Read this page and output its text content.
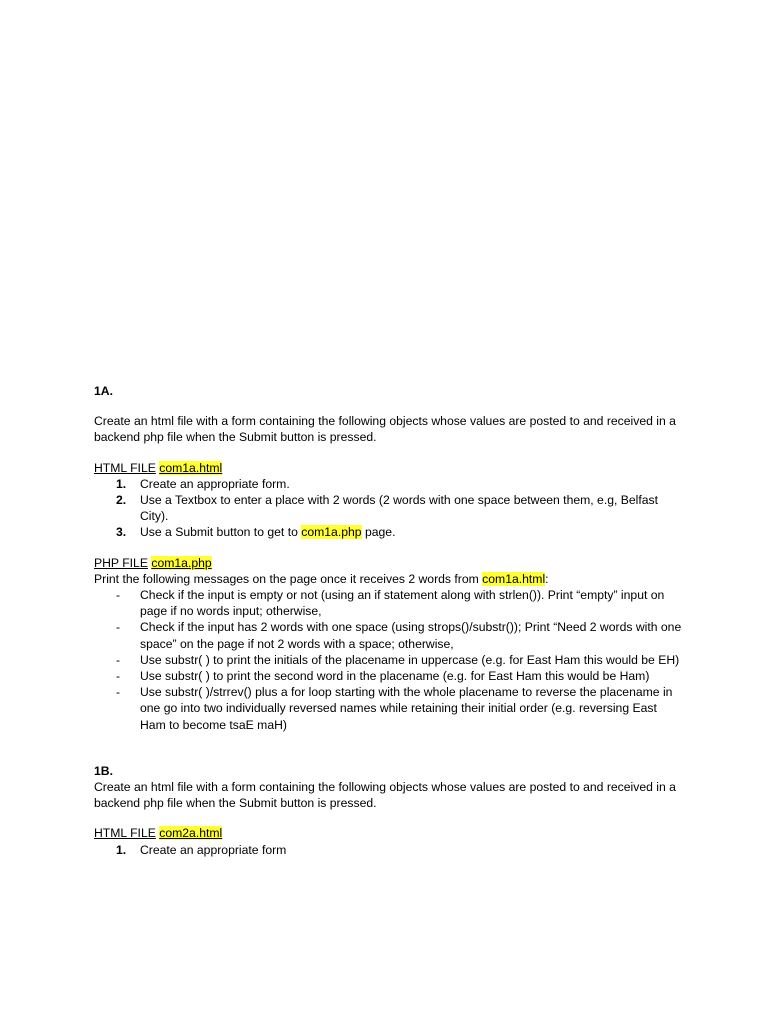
1A.

Create an html file with a form containing the following objects whose values are posted to and received in a backend php file when the Submit button is pressed.

HTML FILE com1a.html

1. Create an appropriate form.
2. Use a Textbox to enter a place with 2 words (2 words with one space between them, e.g, Belfast City).
3. Use a Submit button to get to com1a.php page.

PHP FILE com1a.php

Print the following messages on the page once it receives 2 words from com1a.html:

- Check if the input is empty or not (using an if statement along with strlen()). Print “empty” input on page if no words input; otherwise,
- Check if the input has 2 words with one space (using strops()/substr()); Print “Need 2 words with one space” on the page if not 2 words with a space; otherwise,
- Use substr( ) to print the initials of the placename in uppercase (e.g. for East Ham this would be EH)
- Use substr( ) to print the second word in the placename (e.g. for East Ham this would be Ham)
- Use substr( )/strrev() plus a for loop starting with the whole placename to reverse the placename in one go into two individually reversed names while retaining their initial order (e.g. reversing East Ham to become tsaE maH)

1B.

Create an html file with a form containing the following objects whose values are posted to and received in a backend php file when the Submit button is pressed.

HTML FILE com2a.html

1. Create an appropriate form
